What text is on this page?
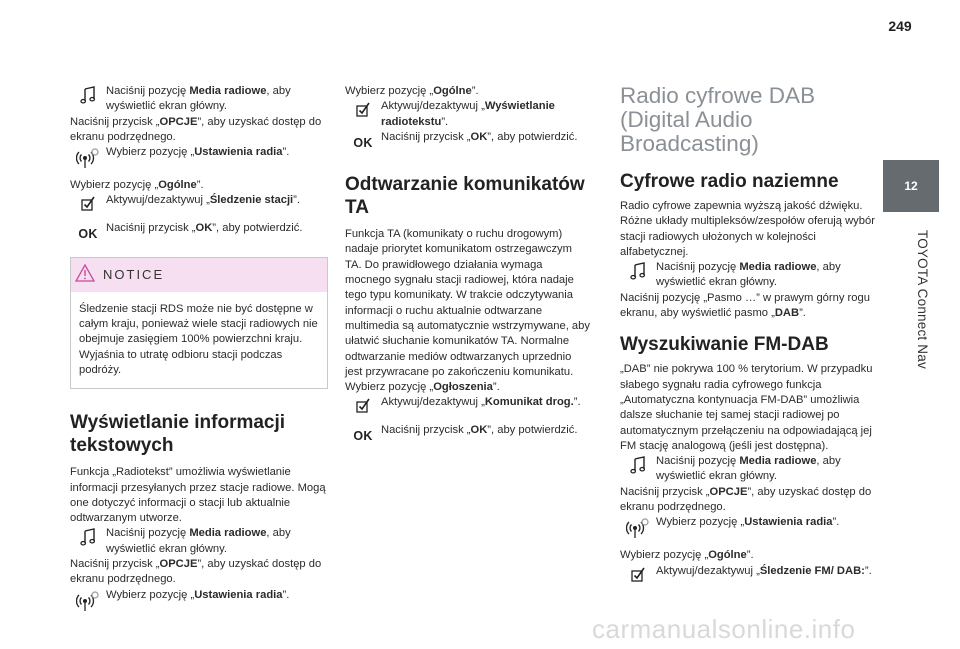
249
12
TOYOTA Connect Nav

Naciśnij pozycję Media radiowe, aby wyświetlić ekran główny.

Naciśnij przycisk „OPCJE”, aby uzyskać dostęp do ekranu podrzędnego.

Wybierz pozycję „Ustawienia radia”.

Wybierz pozycję „Ogólne”.

Aktywuj/dezaktywuj „Śledzenie stacji”.

OK Naciśnij przycisk „OK”, aby potwierdzić.

NOTICE

Śledzenie stacji RDS może nie być dostępne w całym kraju, ponieważ wiele stacji radiowych nie obejmuje zasięgiem 100% powierzchni kraju. Wyjaśnia to utratę odbioru stacji podczas podróży.

Wyświetlanie informacji tekstowych

Funkcja „Radiotekst” umożliwia wyświetlanie informacji przesyłanych przez stacje radiowe. Mogą one dotyczyć informacji o stacji lub aktualnie odtwarzanym utworze.

Naciśnij pozycję Media radiowe, aby wyświetlić ekran główny.

Naciśnij przycisk „OPCJE”, aby uzyskać dostęp do ekranu podrzędnego.

Wybierz pozycję „Ustawienia radia”.

Wybierz pozycję „Ogólne”.

Aktywuj/dezaktywuj „Wyświetlanie radiotekstu”.

OK Naciśnij przycisk „OK”, aby potwierdzić.

Odtwarzanie komunikatów TA

Funkcja TA (komunikaty o ruchu drogowym) nadaje priorytet komunikatom ostrzegawczym TA. Do prawidłowego działania wymaga mocnego sygnału stacji radiowej, która nadaje tego typu komunikaty. W trakcie odczytywania informacji o ruchu aktualnie odtwarzane multimedia są automatycznie wstrzymywane, aby ułatwić słuchanie komunikatów TA. Normalne odtwarzanie mediów odtwarzanych uprzednio jest przywracane po zakończeniu komunikatu.

Wybierz pozycję „Ogłoszenia”.

Aktywuj/dezaktywuj „Komunikat drog.”.

OK Naciśnij przycisk „OK”, aby potwierdzić.

Radio cyfrowe DAB (Digital Audio Broadcasting)
Cyfrowe radio naziemne

Radio cyfrowe zapewnia wyższą jakość dźwięku. Różne układy multipleksów/zespołów oferują wybór stacji radiowych ułożonych w kolejności alfabetycznej.

Naciśnij pozycję Media radiowe, aby wyświetlić ekran główny.

Naciśnij pozycję „Pasmo …” w prawym górny rogu ekranu, aby wyświetlić pasmo „DAB”.

Wyszukiwanie FM-DAB

„DAB” nie pokrywa 100 % terytorium. W przypadku słabego sygnału radia cyfrowego funkcja „Automatyczna kontynuacja FM-DAB” umożliwia dalsze słuchanie tej samej stacji radiowej po automatycznym przełączeniu na odpowiadającą jej FM stację analogową (jeśli jest dostępna).

Naciśnij pozycję Media radiowe, aby wyświetlić ekran główny.

Naciśnij przycisk „OPCJE”, aby uzyskać dostęp do ekranu podrzędnego.

Wybierz pozycję „Ustawienia radia”.

Wybierz pozycję „Ogólne”.

Aktywuj/dezaktywuj „Śledzenie FM/ DAB:”.

carmanualsonline.info
